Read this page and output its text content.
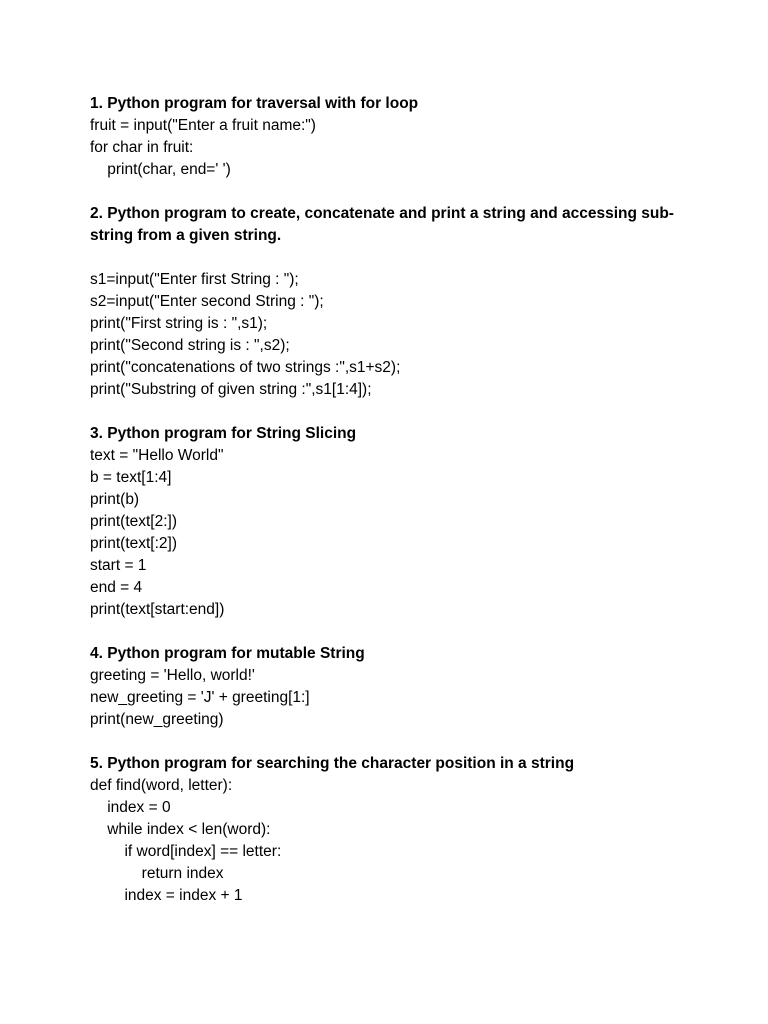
1. Python program for traversal with for loop

fruit = input("Enter a fruit name:")

for char in fruit:

print(char, end=' ')

2. Python program to create, concatenate and print a string and accessing sub-string from a given string.

s1=input("Enter first String : ");

s2=input("Enter second String : ");

print("First string is : ",s1);

print("Second string is : ",s2);

print("concatenations of two strings :",s1+s2);

print("Substring of given string :",s1[1:4]);

3. Python program for String Slicing

text = "Hello World"

b = text[1:4]

print(b)

print(text[2:])

print(text[:2])

start = 1

end = 4

print(text[start:end])

4. Python program for mutable String

greeting = 'Hello, world!'

new_greeting = 'J' + greeting[1:]

print(new_greeting)

5. Python program for searching the character position in a string

def find(word, letter):

index = 0

while index < len(word):

if word[index] == letter:

return index

index = index + 1
